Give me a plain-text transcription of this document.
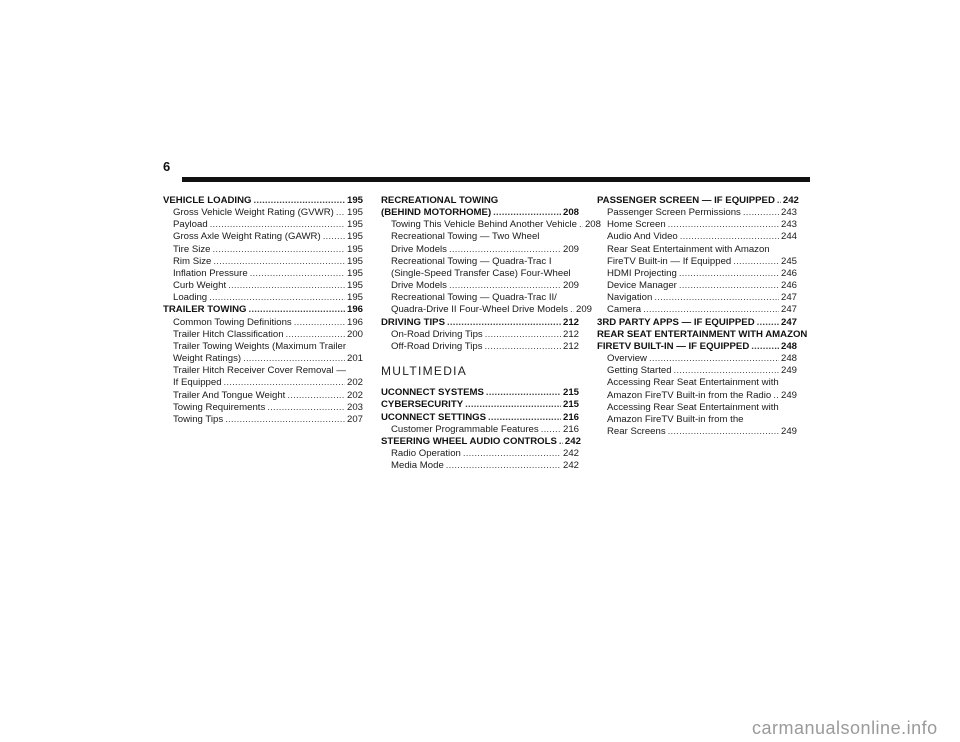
6
VEHICLE LOADING .....	195
Gross Vehicle Weight Rating (GVWR) ..... 195
Payload .....	195
Gross Axle Weight Rating (GAWR) .....	195
Tire Size .....	195
Rim Size .....	195
Inflation Pressure .....	195
Curb Weight .....	195
Loading .....	195
TRAILER TOWING .....	196
Common Towing Definitions .....	196
Trailer Hitch Classification .....	200
Trailer Towing Weights (Maximum Trailer
Weight Ratings) .....	201
Trailer Hitch Receiver Cover Removal —
If Equipped .....	202
Trailer And Tongue Weight .....	202
Towing Requirements .....	203
Towing Tips .....	207
RECREATIONAL TOWING
(BEHIND MOTORHOME) .....	208
Towing This Vehicle Behind Another Vehicle ..... 208
Recreational Towing — Two Wheel
Drive Models .....	209
Recreational Towing — Quadra-Trac I
(Single-Speed Transfer Case) Four-Wheel
Drive Models .....	209
Recreational Towing — Quadra-Trac II/
Quadra-Drive II Four-Wheel Drive Models ..... 209
DRIVING TIPS .....	212
On-Road Driving Tips .....	212
Off-Road Driving Tips .....	212
MULTIMEDIA
UCONNECT SYSTEMS .....	215
CYBERSECURITY .....	215
UCONNECT SETTINGS .....	216
Customer Programmable Features .....	216
STEERING WHEEL AUDIO CONTROLS ..... 242
Radio Operation .....	242
Media Mode .....	242
PASSENGER SCREEN — IF EQUIPPED ..... 242
Passenger Screen Permissions .....	243
Home Screen .....	243
Audio And Video .....	244
Rear Seat Entertainment with Amazon
FireTV Built-in — If Equipped .....	245
HDMI Projecting .....	246
Device Manager .....	246
Navigation .....	247
Camera .....	247
3RD PARTY APPS — IF EQUIPPED .....	247
REAR SEAT ENTERTAINMENT WITH AMAZON
FIRETV BUILT-IN — IF EQUIPPED .....	248
Overview .....	248
Getting Started .....	249
Accessing Rear Seat Entertainment with
Amazon FireTV Built-in from the Radio ..... 249
Accessing Rear Seat Entertainment with
Amazon FireTV Built-in from the
Rear Screens .....	249
carmanualsonline.info
